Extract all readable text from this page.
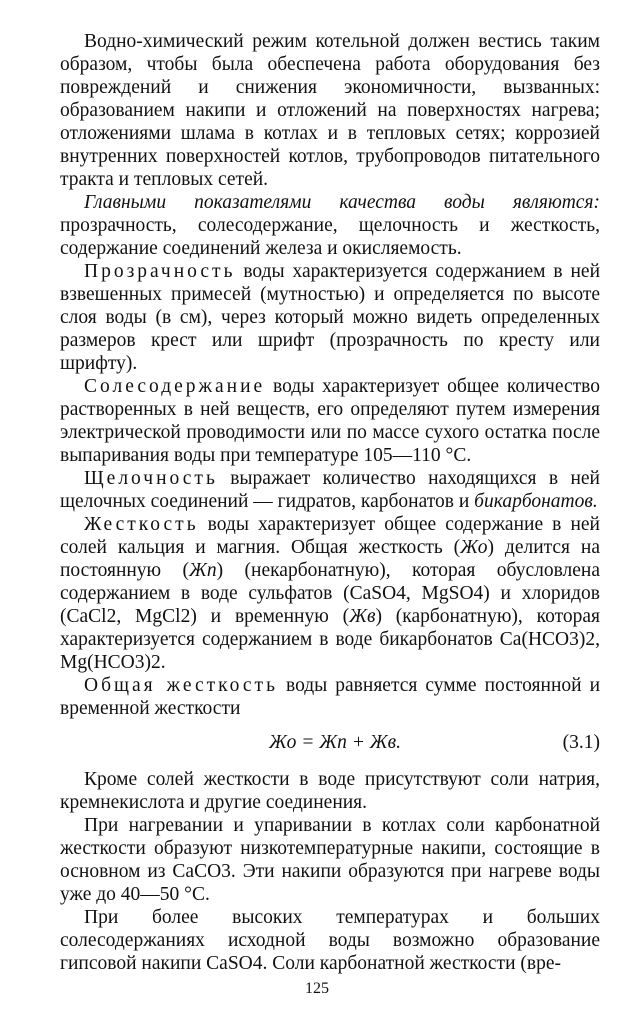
Водно-химический режим котельной должен вестись таким образом, чтобы была обеспечена работа оборудования без повреждений и снижения экономичности, вызванных: образованием накипи и отложений на поверхностях нагрева; отложениями шлама в котлах и в тепловых сетях; коррозией внутренних поверхностей котлов, трубопроводов питательного тракта и тепловых сетей.

Главными показателями качества воды являются: прозрачность, солесодержание, щелочность и жесткость, содержание соединений железа и окисляемость.

Прозрачность воды характеризуется содержанием в ней взвешенных примесей (мутностью) и определяется по высоте слоя воды (в см), через который можно видеть определенных размеров крест или шрифт (прозрачность по кресту или шрифту).

Солесодержание воды характеризует общее количество растворенных в ней веществ, его определяют путем измерения электрической проводимости или по массе сухого остатка после выпаривания воды при температуре 105—110 °C.

Щелочность выражает количество находящихся в ней щелочных соединений — гидратов, карбонатов и бикарбонатов.

Жесткость воды характеризует общее содержание в ней солей кальция и магния. Общая жесткость (Жо) делится на постоянную (Жп) (некарбонатную), которая обусловлена содержанием в воде сульфатов (CaSO4, MgSO4) и хлоридов (CaCl2, MgCl2) и временную (Жв) (карбонатную), которая характеризуется содержанием в воде бикарбонатов Ca(HCO3)2, Mg(HCO3)2.

Общая жесткость воды равняется сумме постоянной и временной жесткости

Жо = Жп + Жв.	(3.1)

Кроме солей жесткости в воде присутствуют соли натрия, кремнекислота и другие соединения.

При нагревании и упаривании в котлах соли карбонатной жесткости образуют низкотемпературные накипи, состоящие в основном из CaCO3. Эти накипи образуются при нагреве воды уже до 40—50 °C.

При более высоких температурах и больших солесодержаниях исходной воды возможно образование гипсовой накипи CaSO4. Соли карбонатной жесткости (вре-

125
